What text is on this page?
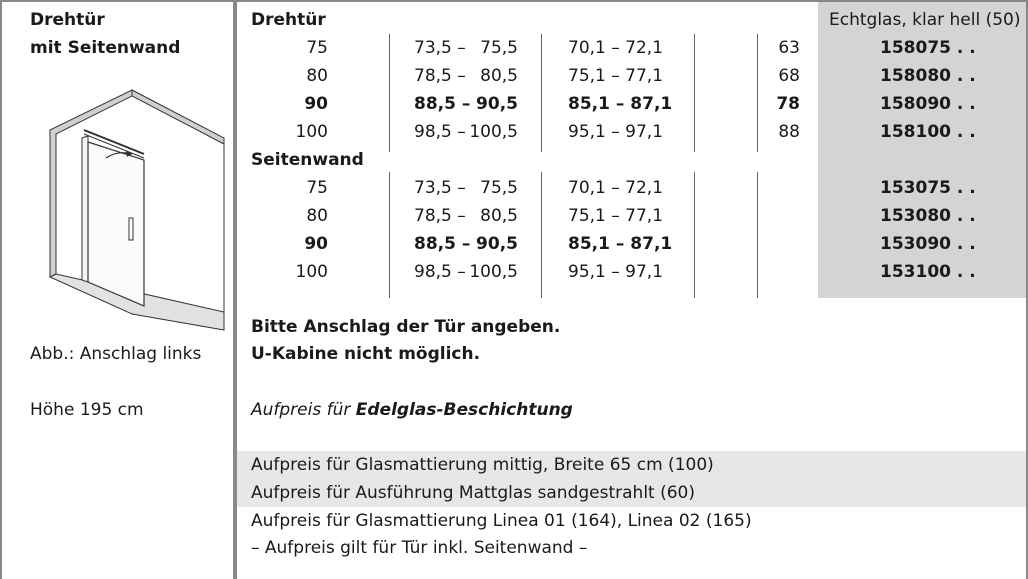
Drehtür
mit Seitenwand
Abb.: Anschlag links
Höhe 195 cm
Echtglas, klar hell (50)
Drehtür
75	73,5 – 75,5	70,1 – 72,1	63	158075 . .
80	78,5 – 80,5	75,1 – 77,1	68	158080 . .
90	88,5 – 90,5	85,1 – 87,1	78	158090 . .
100	98,5 – 100,5	95,1 – 97,1	88	158100 . .
Seitenwand
75	73,5 – 75,5	70,1 – 72,1	153075 . .
80	78,5 – 80,5	75,1 – 77,1	153080 . .
90	88,5 – 90,5	85,1 – 87,1	153090 . .
100	98,5 – 100,5	95,1 – 97,1	153100 . .
Bitte Anschlag der Tür angeben.
U-Kabine nicht möglich.
Aufpreis für Edelglas-Beschichtung
Aufpreis für Glasmattierung mittig, Breite 65 cm (100)
Aufpreis für Ausführung Mattglas sandgestrahlt (60)
Aufpreis für Glasmattierung Linea 01 (164), Linea 02 (165)
– Aufpreis gilt für Tür inkl. Seitenwand –
